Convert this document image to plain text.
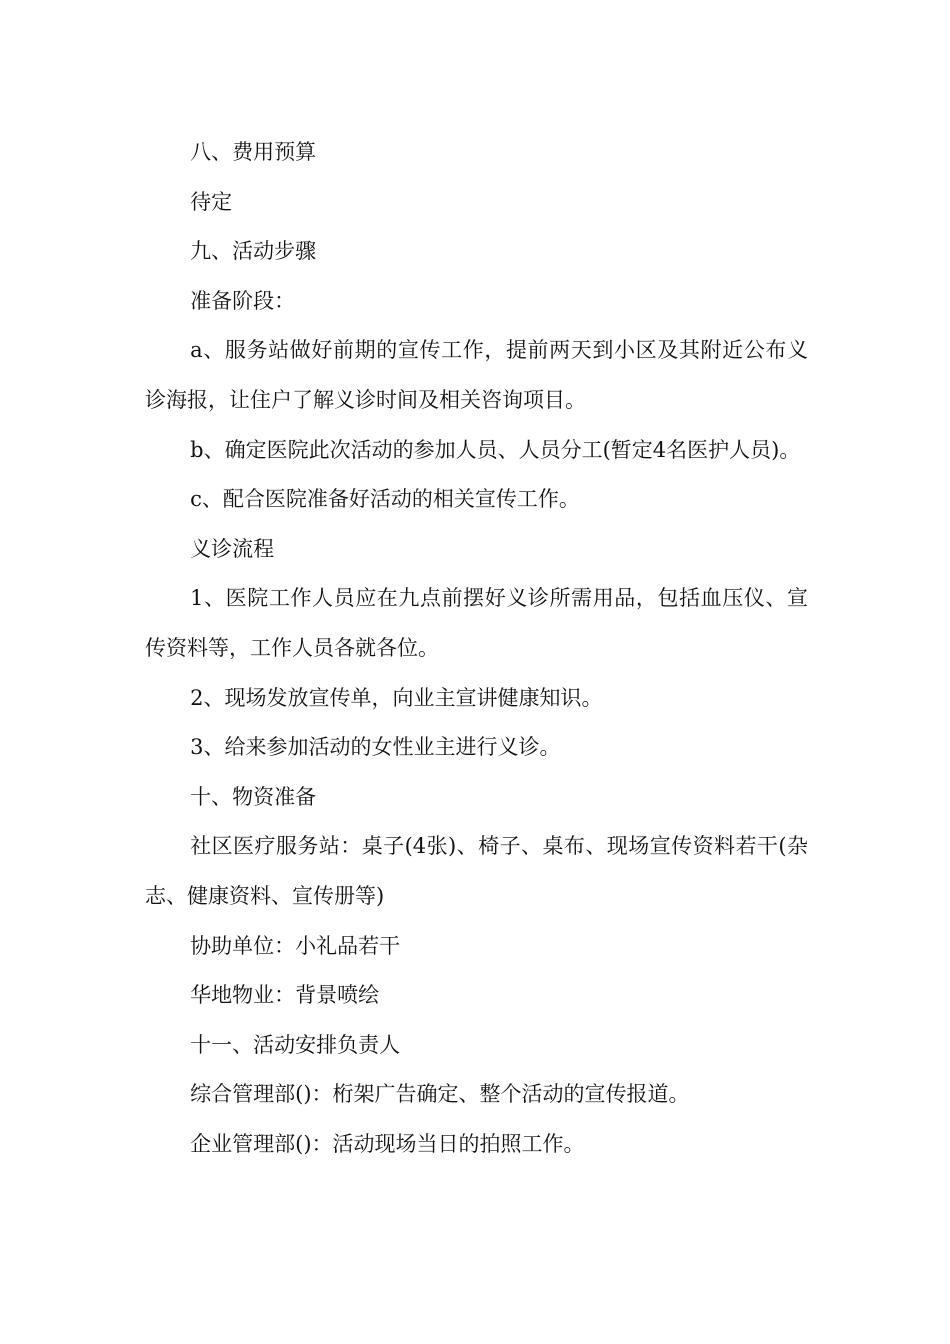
八、费用预算

待定

九、活动步骤

准备阶段：

a、服务站做好前期的宣传工作，提前两天到小区及其附近公布义诊海报，让住户了解义诊时间及相关咨询项目。

b、确定医院此次活动的参加人员、人员分工(暂定4名医护人员)。

c、配合医院准备好活动的相关宣传工作。

义诊流程

1、医院工作人员应在九点前摆好义诊所需用品，包括血压仪、宣传资料等，工作人员各就各位。

2、现场发放宣传单，向业主宣讲健康知识。

3、给来参加活动的女性业主进行义诊。

十、物资准备

社区医疗服务站：桌子(4张)、椅子、桌布、现场宣传资料若干(杂志、健康资料、宣传册等)

协助单位：小礼品若干

华地物业：背景喷绘

十一、活动安排负责人

综合管理部()：桁架广告确定、整个活动的宣传报道。

企业管理部()：活动现场当日的拍照工作。
